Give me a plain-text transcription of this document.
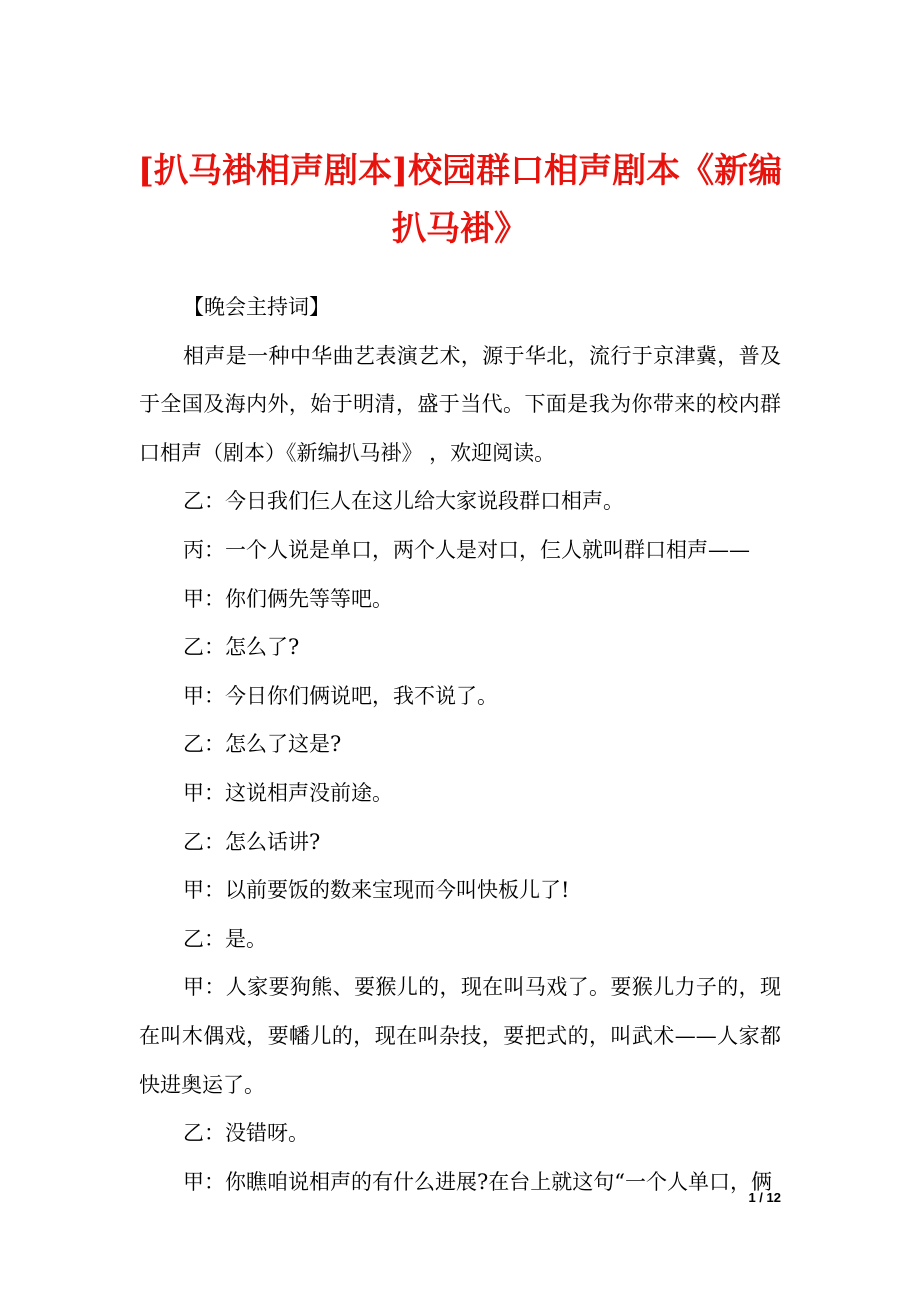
[扒马褂相声剧本]校园群口相声剧本《新编
扒马褂》

【晚会主持词】

相声是一种中华曲艺表演艺术，源于华北，流行于京津冀，普及于全国及海内外，始于明清，盛于当代。下面是我为你带来的校内群口相声（剧本）《新编扒马褂》 ，欢迎阅读。

乙：今日我们仨人在这儿给大家说段群口相声。

丙：一个人说是单口，两个人是对口，仨人就叫群口相声——

甲：你们俩先等等吧。

乙：怎么了?

甲：今日你们俩说吧，我不说了。

乙：怎么了这是?

甲：这说相声没前途。

乙：怎么话讲?

甲：以前要饭的数来宝现而今叫快板儿了!

乙：是。

甲：人家要狗熊、要猴儿的，现在叫马戏了。要猴儿力子的，现在叫木偶戏，要幡儿的，现在叫杂技，要把式的，叫武术——人家都快进奥运了。

乙：没错呀。

甲：你瞧咱说相声的有什么进展?在台上就这句“一个人单口，俩

1 / 12
